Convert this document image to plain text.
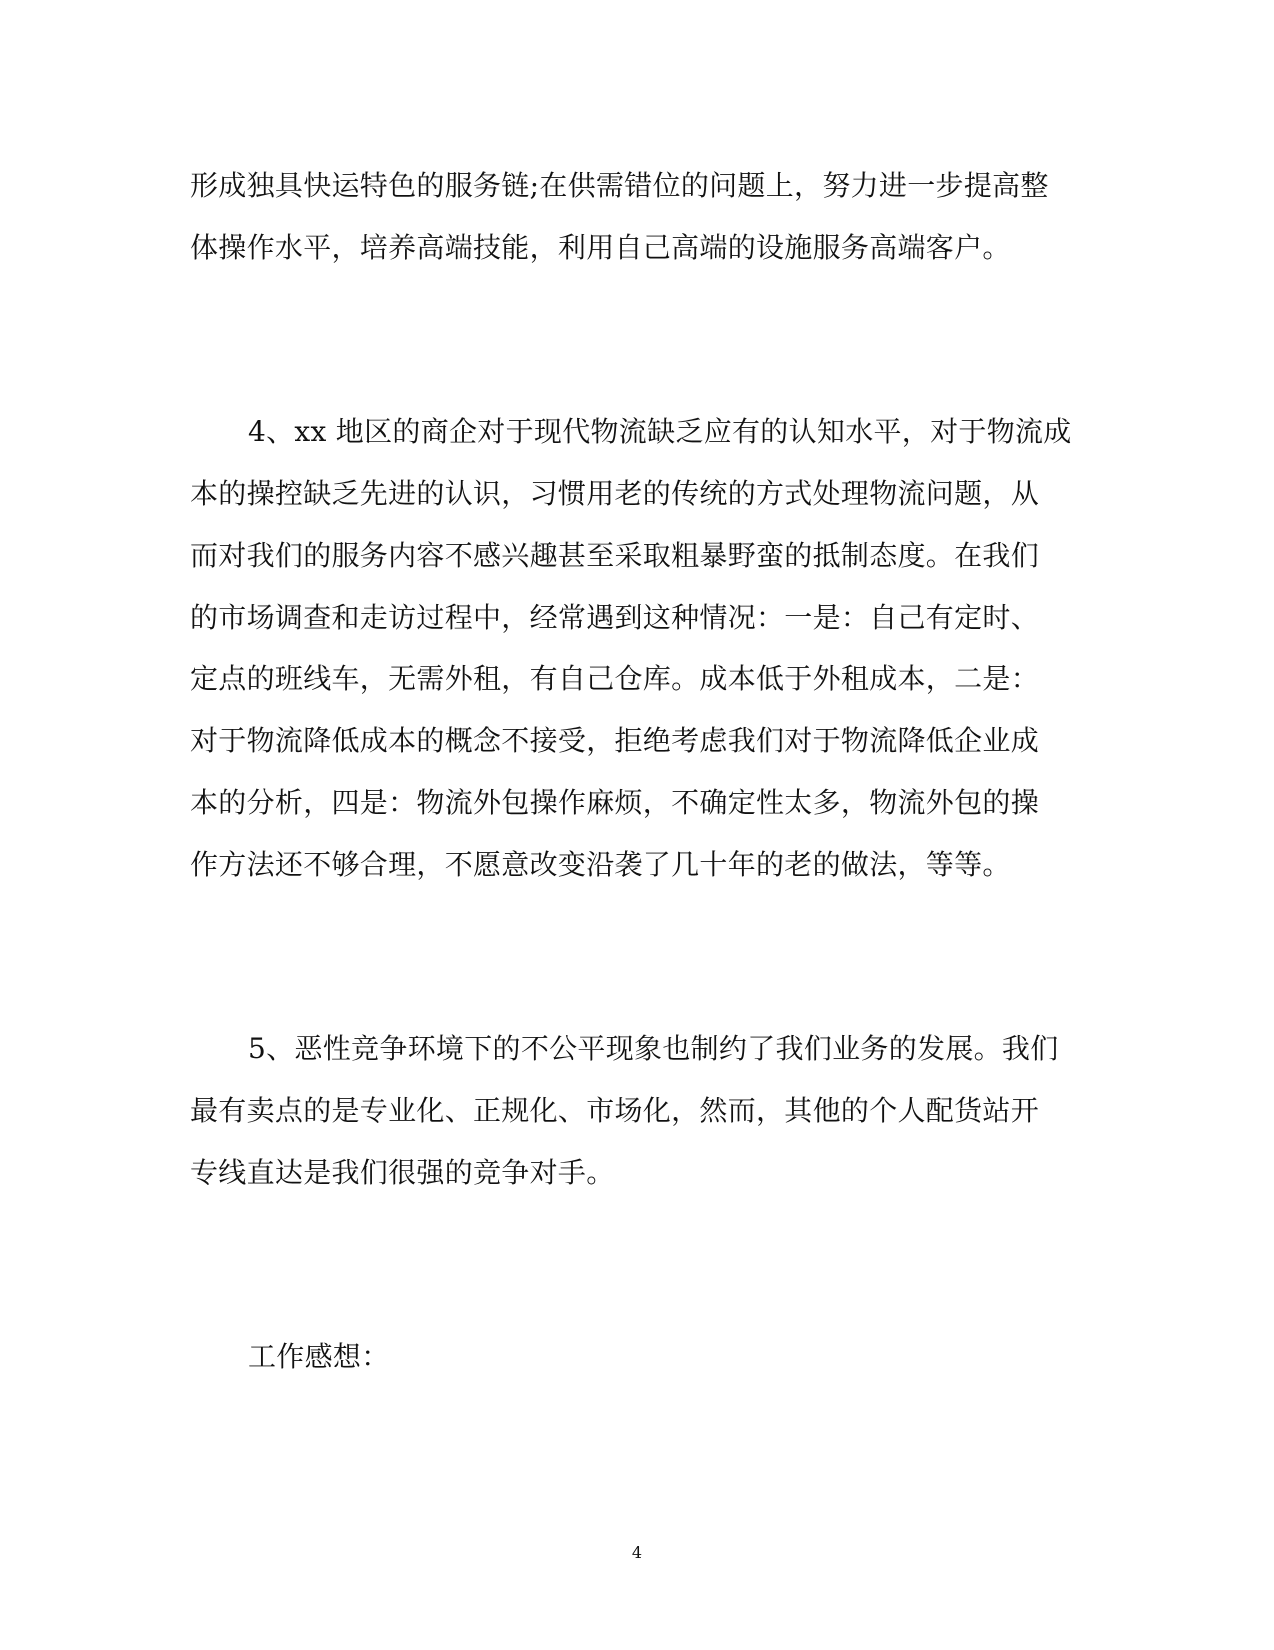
形成独具快运特色的服务链;在供需错位的问题上，努力进一步提高整
体操作水平，培养高端技能，利用自己高端的设施服务高端客户。
4、xx 地区的商企对于现代物流缺乏应有的认知水平，对于物流成
本的操控缺乏先进的认识，习惯用老的传统的方式处理物流问题，从
而对我们的服务内容不感兴趣甚至采取粗暴野蛮的抵制态度。在我们
的市场调查和走访过程中，经常遇到这种情况：一是：自己有定时、
定点的班线车，无需外租，有自己仓库。成本低于外租成本，二是：
对于物流降低成本的概念不接受，拒绝考虑我们对于物流降低企业成
本的分析，四是：物流外包操作麻烦，不确定性太多，物流外包的操
作方法还不够合理，不愿意改变沿袭了几十年的老的做法，等等。
5、恶性竞争环境下的不公平现象也制约了我们业务的发展。我们
最有卖点的是专业化、正规化、市场化，然而，其他的个人配货站开
专线直达是我们很强的竞争对手。
工作感想：
4
